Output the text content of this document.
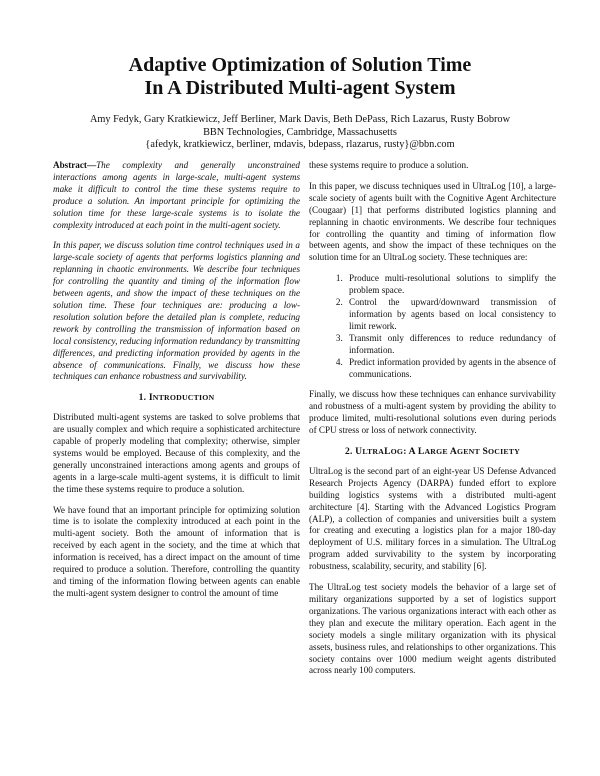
Adaptive Optimization of Solution Time
In A Distributed Multi-agent System
Amy Fedyk, Gary Kratkiewicz, Jeff Berliner, Mark Davis, Beth DePass, Rich Lazarus, Rusty Bobrow
BBN Technologies, Cambridge, Massachusetts
{afedyk, kratkiewicz, berliner, mdavis, bdepass, rlazarus, rusty}@bbn.com

Abstract—The complexity and generally unconstrained interactions among agents in large-scale, multi-agent systems make it difficult to control the time these systems require to produce a solution. An important principle for optimizing the solution time for these large-scale systems is to isolate the complexity introduced at each point in the multi-agent society.

In this paper, we discuss solution time control techniques used in a large-scale society of agents that performs logistics planning and replanning in chaotic environments. We describe four techniques for controlling the quantity and timing of the information flow between agents, and show the impact of these techniques on the solution time. These four techniques are: producing a low-resolution solution before the detailed plan is complete, reducing rework by controlling the transmission of information based on local consistency, reducing information redundancy by transmitting differences, and predicting information provided by agents in the absence of communications. Finally, we discuss how these techniques can enhance robustness and survivability.

1. INTRODUCTION

Distributed multi-agent systems are tasked to solve problems that are usually complex and which require a sophisticated architecture capable of properly modeling that complexity; otherwise, simpler systems would be employed. Because of this complexity, and the generally unconstrained interactions among agents and groups of agents in a large-scale multi-agent systems, it is difficult to limit the time these systems require to produce a solution.

We have found that an important principle for optimizing solution time is to isolate the complexity introduced at each point in the multi-agent society. Both the amount of information that is received by each agent in the society, and the time at which that information is received, has a direct impact on the amount of time required to produce a solution. Therefore, controlling the quantity and timing of the information flowing between agents can enable the multi-agent system designer to control the amount of time

these systems require to produce a solution.

In this paper, we discuss techniques used in UltraLog [10], a large-scale society of agents built with the Cognitive Agent Architecture (Cougaar) [1] that performs distributed logistics planning and replanning in chaotic environments. We describe four techniques for controlling the quantity and timing of information flow between agents, and show the impact of these techniques on the solution time for an UltraLog society. These techniques are:

1. Produce multi-resolutional solutions to simplify the problem space.
2. Control the upward/downward transmission of information by agents based on local consistency to limit rework.
3. Transmit only differences to reduce redundancy of information.
4. Predict information provided by agents in the absence of communications.

Finally, we discuss how these techniques can enhance survivability and robustness of a multi-agent system by providing the ability to produce limited, multi-resolutional solutions even during periods of CPU stress or loss of network connectivity.

2. ULTRALOG: A LARGE AGENT SOCIETY

UltraLog is the second part of an eight-year US Defense Advanced Research Projects Agency (DARPA) funded effort to explore building logistics systems with a distributed multi-agent architecture [4]. Starting with the Advanced Logistics Program (ALP), a collection of companies and universities built a system for creating and executing a logistics plan for a major 180-day deployment of U.S. military forces in a simulation. The UltraLog program added survivability to the system by incorporating robustness, scalability, security, and stability [6].

The UltraLog test society models the behavior of a large set of military organizations supported by a set of logistics support organizations. The various organizations interact with each other as they plan and execute the military operation. Each agent in the society models a single military organization with its physical assets, business rules, and relationships to other organizations. This society contains over 1000 medium weight agents distributed across nearly 100 computers.
